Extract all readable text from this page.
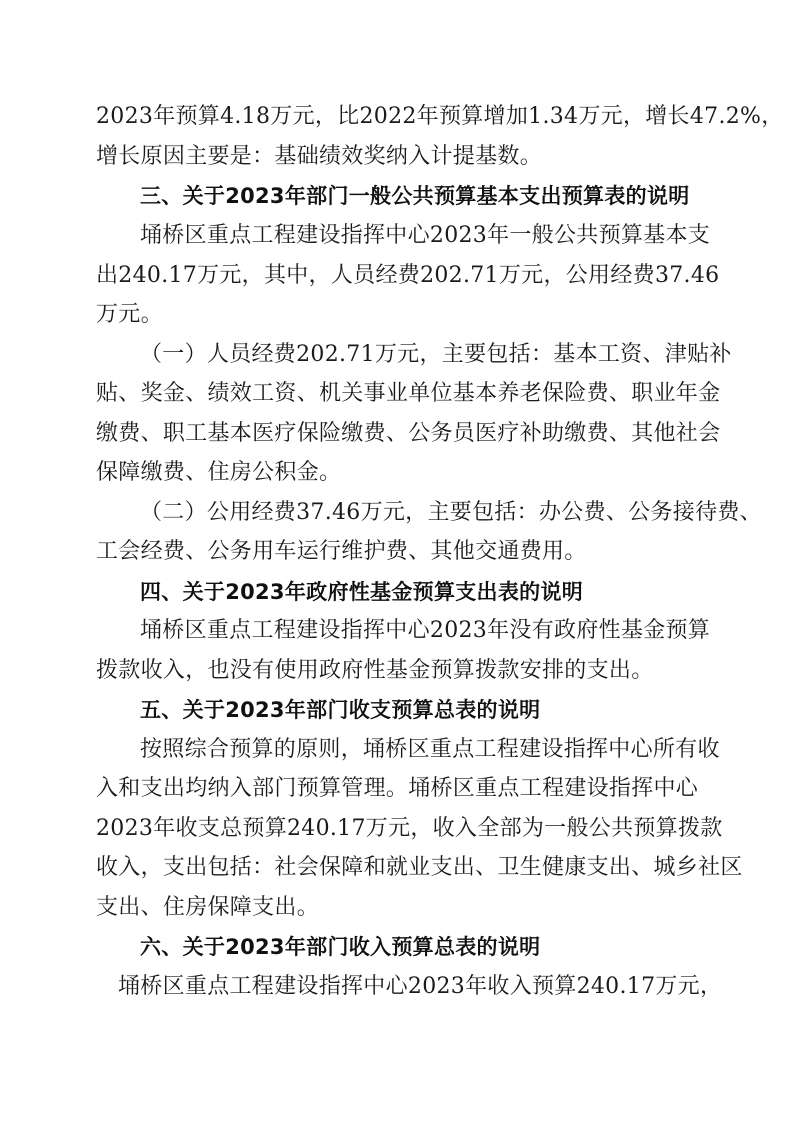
2023年预算4.18万元，比2022年预算增加1.34万元，增长47.2%，
增长原因主要是：基础绩效奖纳入计提基数。
三、关于2023年部门一般公共预算基本支出预算表的说明
埇桥区重点工程建设指挥中心2023年一般公共预算基本支
出240.17万元，其中，人员经费202.71万元，公用经费37.46
万元。
（一）人员经费202.71万元，主要包括：基本工资、津贴补
贴、奖金、绩效工资、机关事业单位基本养老保险费、职业年金
缴费、职工基本医疗保险缴费、公务员医疗补助缴费、其他社会
保障缴费、住房公积金。
（二）公用经费37.46万元，主要包括：办公费、公务接待费、
工会经费、公务用车运行维护费、其他交通费用。
四、关于2023年政府性基金预算支出表的说明
埇桥区重点工程建设指挥中心2023年没有政府性基金预算
拨款收入，也没有使用政府性基金预算拨款安排的支出。
五、关于2023年部门收支预算总表的说明
按照综合预算的原则，埇桥区重点工程建设指挥中心所有收
入和支出均纳入部门预算管理。埇桥区重点工程建设指挥中心
2023年收支总预算240.17万元，收入全部为一般公共预算拨款
收入，支出包括：社会保障和就业支出、卫生健康支出、城乡社区
支出、住房保障支出。
六、关于2023年部门收入预算总表的说明
埇桥区重点工程建设指挥中心2023年收入预算240.17万元，
